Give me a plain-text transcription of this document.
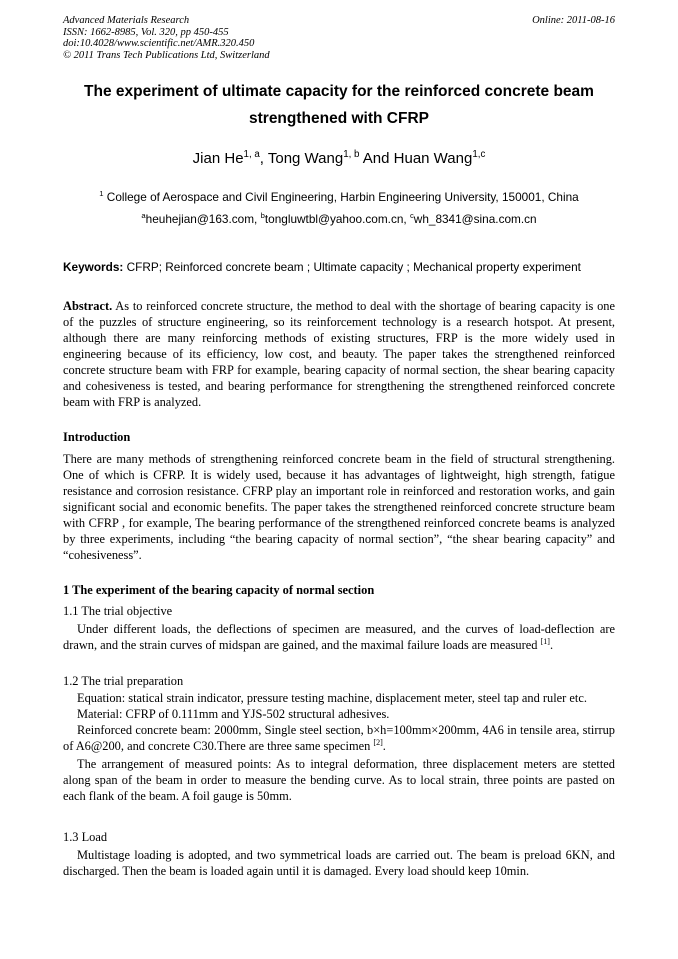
Advanced Materials Research
ISSN: 1662-8985, Vol. 320, pp 450-455
doi:10.4028/www.scientific.net/AMR.320.450
© 2011 Trans Tech Publications Ltd, Switzerland
Online: 2011-08-16
The experiment of ultimate capacity for the reinforced concrete beam
strengthened with CFRP
Jian He$^{1, a}$, Tong Wang$^{1, b}$ And Huan Wang$^{1,c}$
$^1$ College of Aerospace and Civil Engineering, Harbin Engineering University, 150001, China
$^a$heuhejian@163.com, $^b$tongluwtbl@yahoo.com.cn, $^c$wh_8341@sina.com.cn
Keywords: CFRP; Reinforced concrete beam ; Ultimate capacity ; Mechanical property experiment
Abstract. As to reinforced concrete structure, the method to deal with the shortage of bearing capacity is one of the puzzles of structure engineering, so its reinforcement technology is a research hotspot. At present, although there are many reinforcing methods of existing structures, FRP is the more widely used in engineering because of its efficiency, low cost, and beauty. The paper takes the strengthened reinforced concrete structure beam with FRP for example, bearing capacity of normal section, the shear bearing capacity and cohesiveness is tested, and bearing performance for strengthening the strengthened reinforced concrete beam with FRP is analyzed.
Introduction
There are many methods of strengthening reinforced concrete beam in the field of structural strengthening. One of which is CFRP. It is widely used, because it has advantages of lightweight, high strength, fatigue resistance and corrosion resistance. CFRP play an important role in reinforced and restoration works, and gain significant social and economic benefits. The paper takes the strengthened reinforced concrete structure beam with CFRP , for example, The bearing performance of the strengthened reinforced concrete beams is analyzed by three experiments, including “the bearing capacity of normal section”, “the shear bearing capacity” and “cohesiveness”.
1 The experiment of the bearing capacity of normal section
1.1 The trial objective
Under different loads, the deflections of specimen are measured, and the curves of load-deflection are drawn, and the strain curves of midspan are gained, and the maximal failure loads are measured [1].
1.2 The trial preparation

Equation: statical strain indicator, pressure testing machine, displacement meter, steel tap and ruler etc.

Material: CFRP of 0.111mm and YJS-502 structural adhesives.

Reinforced concrete beam: 2000mm, Single steel section, b×h=100mm×200mm, 4A6 in tensile area, stirrup of A6@200, and concrete C30.There are three same specimen [2].

The arrangement of measured points: As to integral deformation, three displacement meters are stetted along span of the beam in order to measure the bending curve. As to local strain, three points are pasted on each flank of the beam. A foil gauge is 50mm.

1.3 Load
Multistage loading is adopted, and two symmetrical loads are carried out. The beam is preload 6KN, and discharged. Then the beam is loaded again until it is damaged. Every load should keep 10min.
